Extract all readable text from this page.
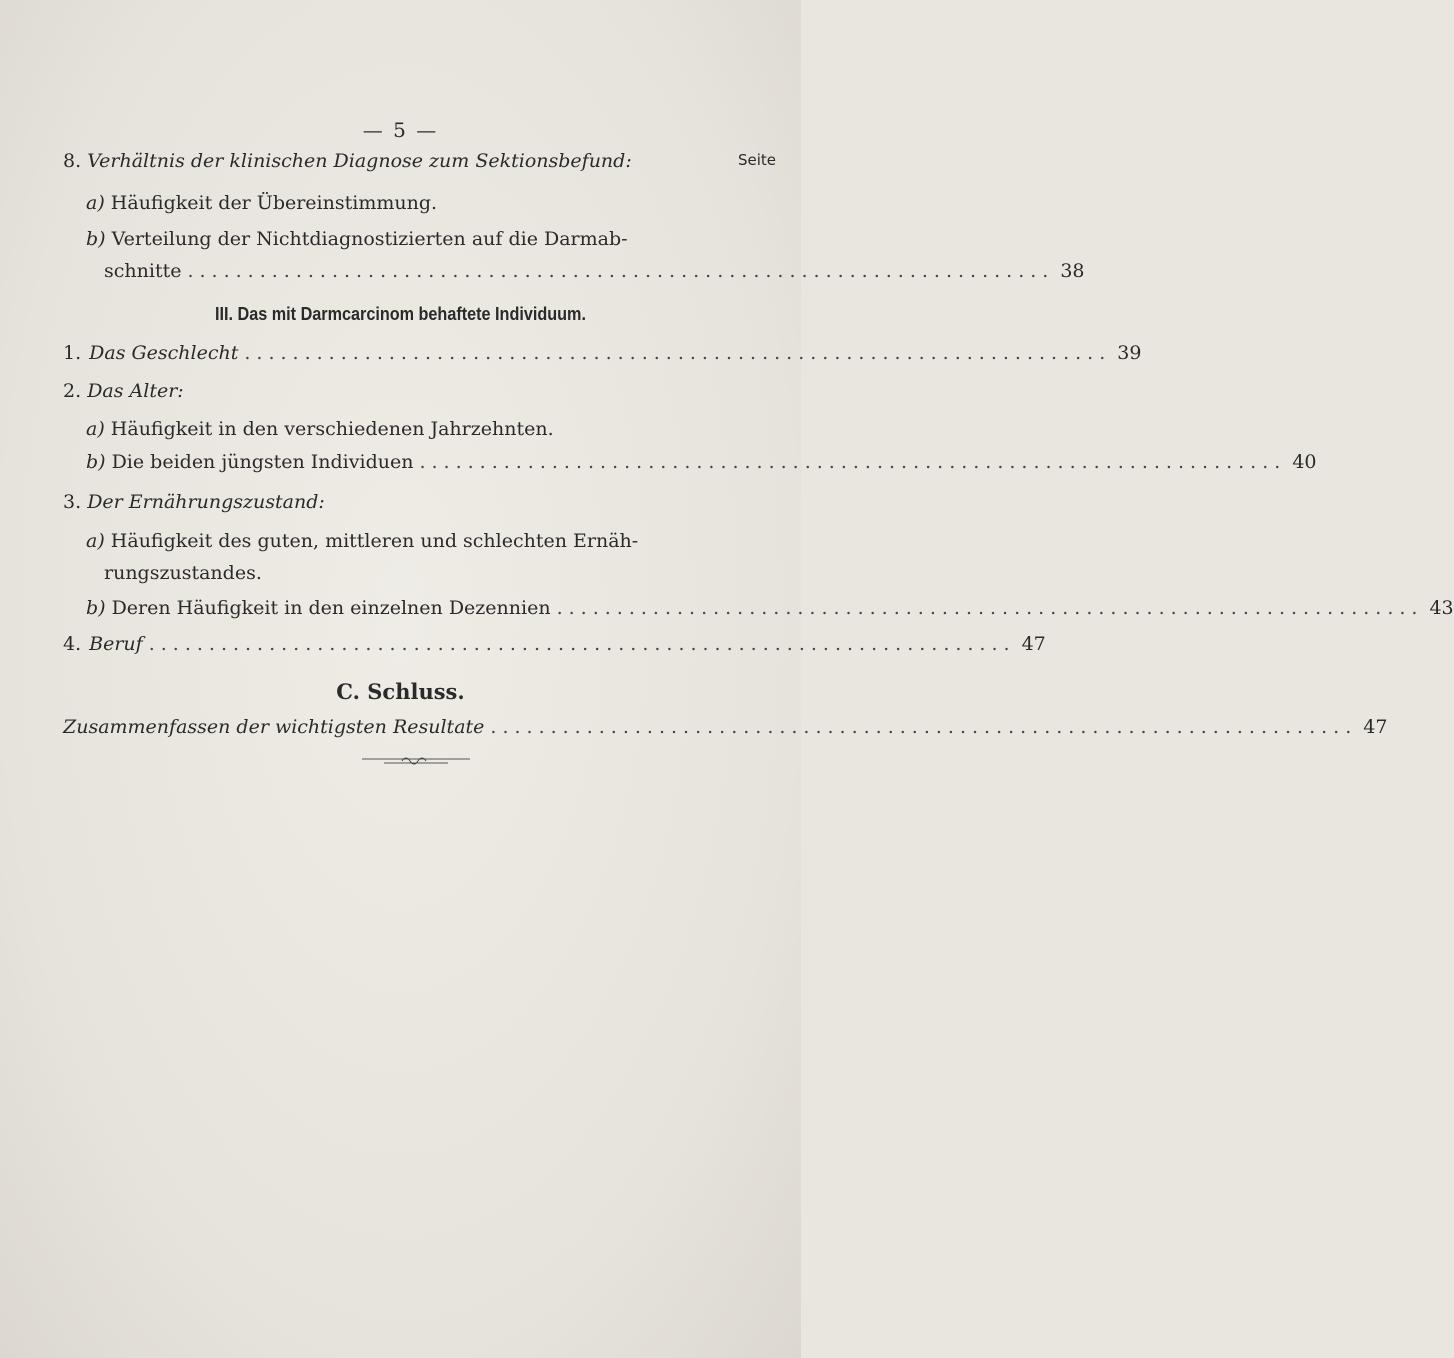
— 5 —
8. Verhältnis der klinischen Diagnose zum Sektionsbefund:	Seite
a) Häufigkeit der Übereinstimmung.
b) Verteilung der Nichtdiagnostizierten auf die Darmab-
schnitte ........................................................................ 38
III. Das mit Darmcarcinom behaftete Individuum.
1. Das Geschlecht ........................................................................ 39
2. Das Alter:
a) Häufigkeit in den verschiedenen Jahrzehnten.
b) Die beiden jüngsten Individuen ........................................................................ 40
3. Der Ernährungszustand:
a) Häufigkeit des guten, mittleren und schlechten Ernäh-
rungszustandes.
b) Deren Häufigkeit in den einzelnen Dezennien ........................................................................ 43
4. Beruf ........................................................................ 47
C. Schluss.
Zusammenfassen der wichtigsten Resultate ........................................................................ 47
